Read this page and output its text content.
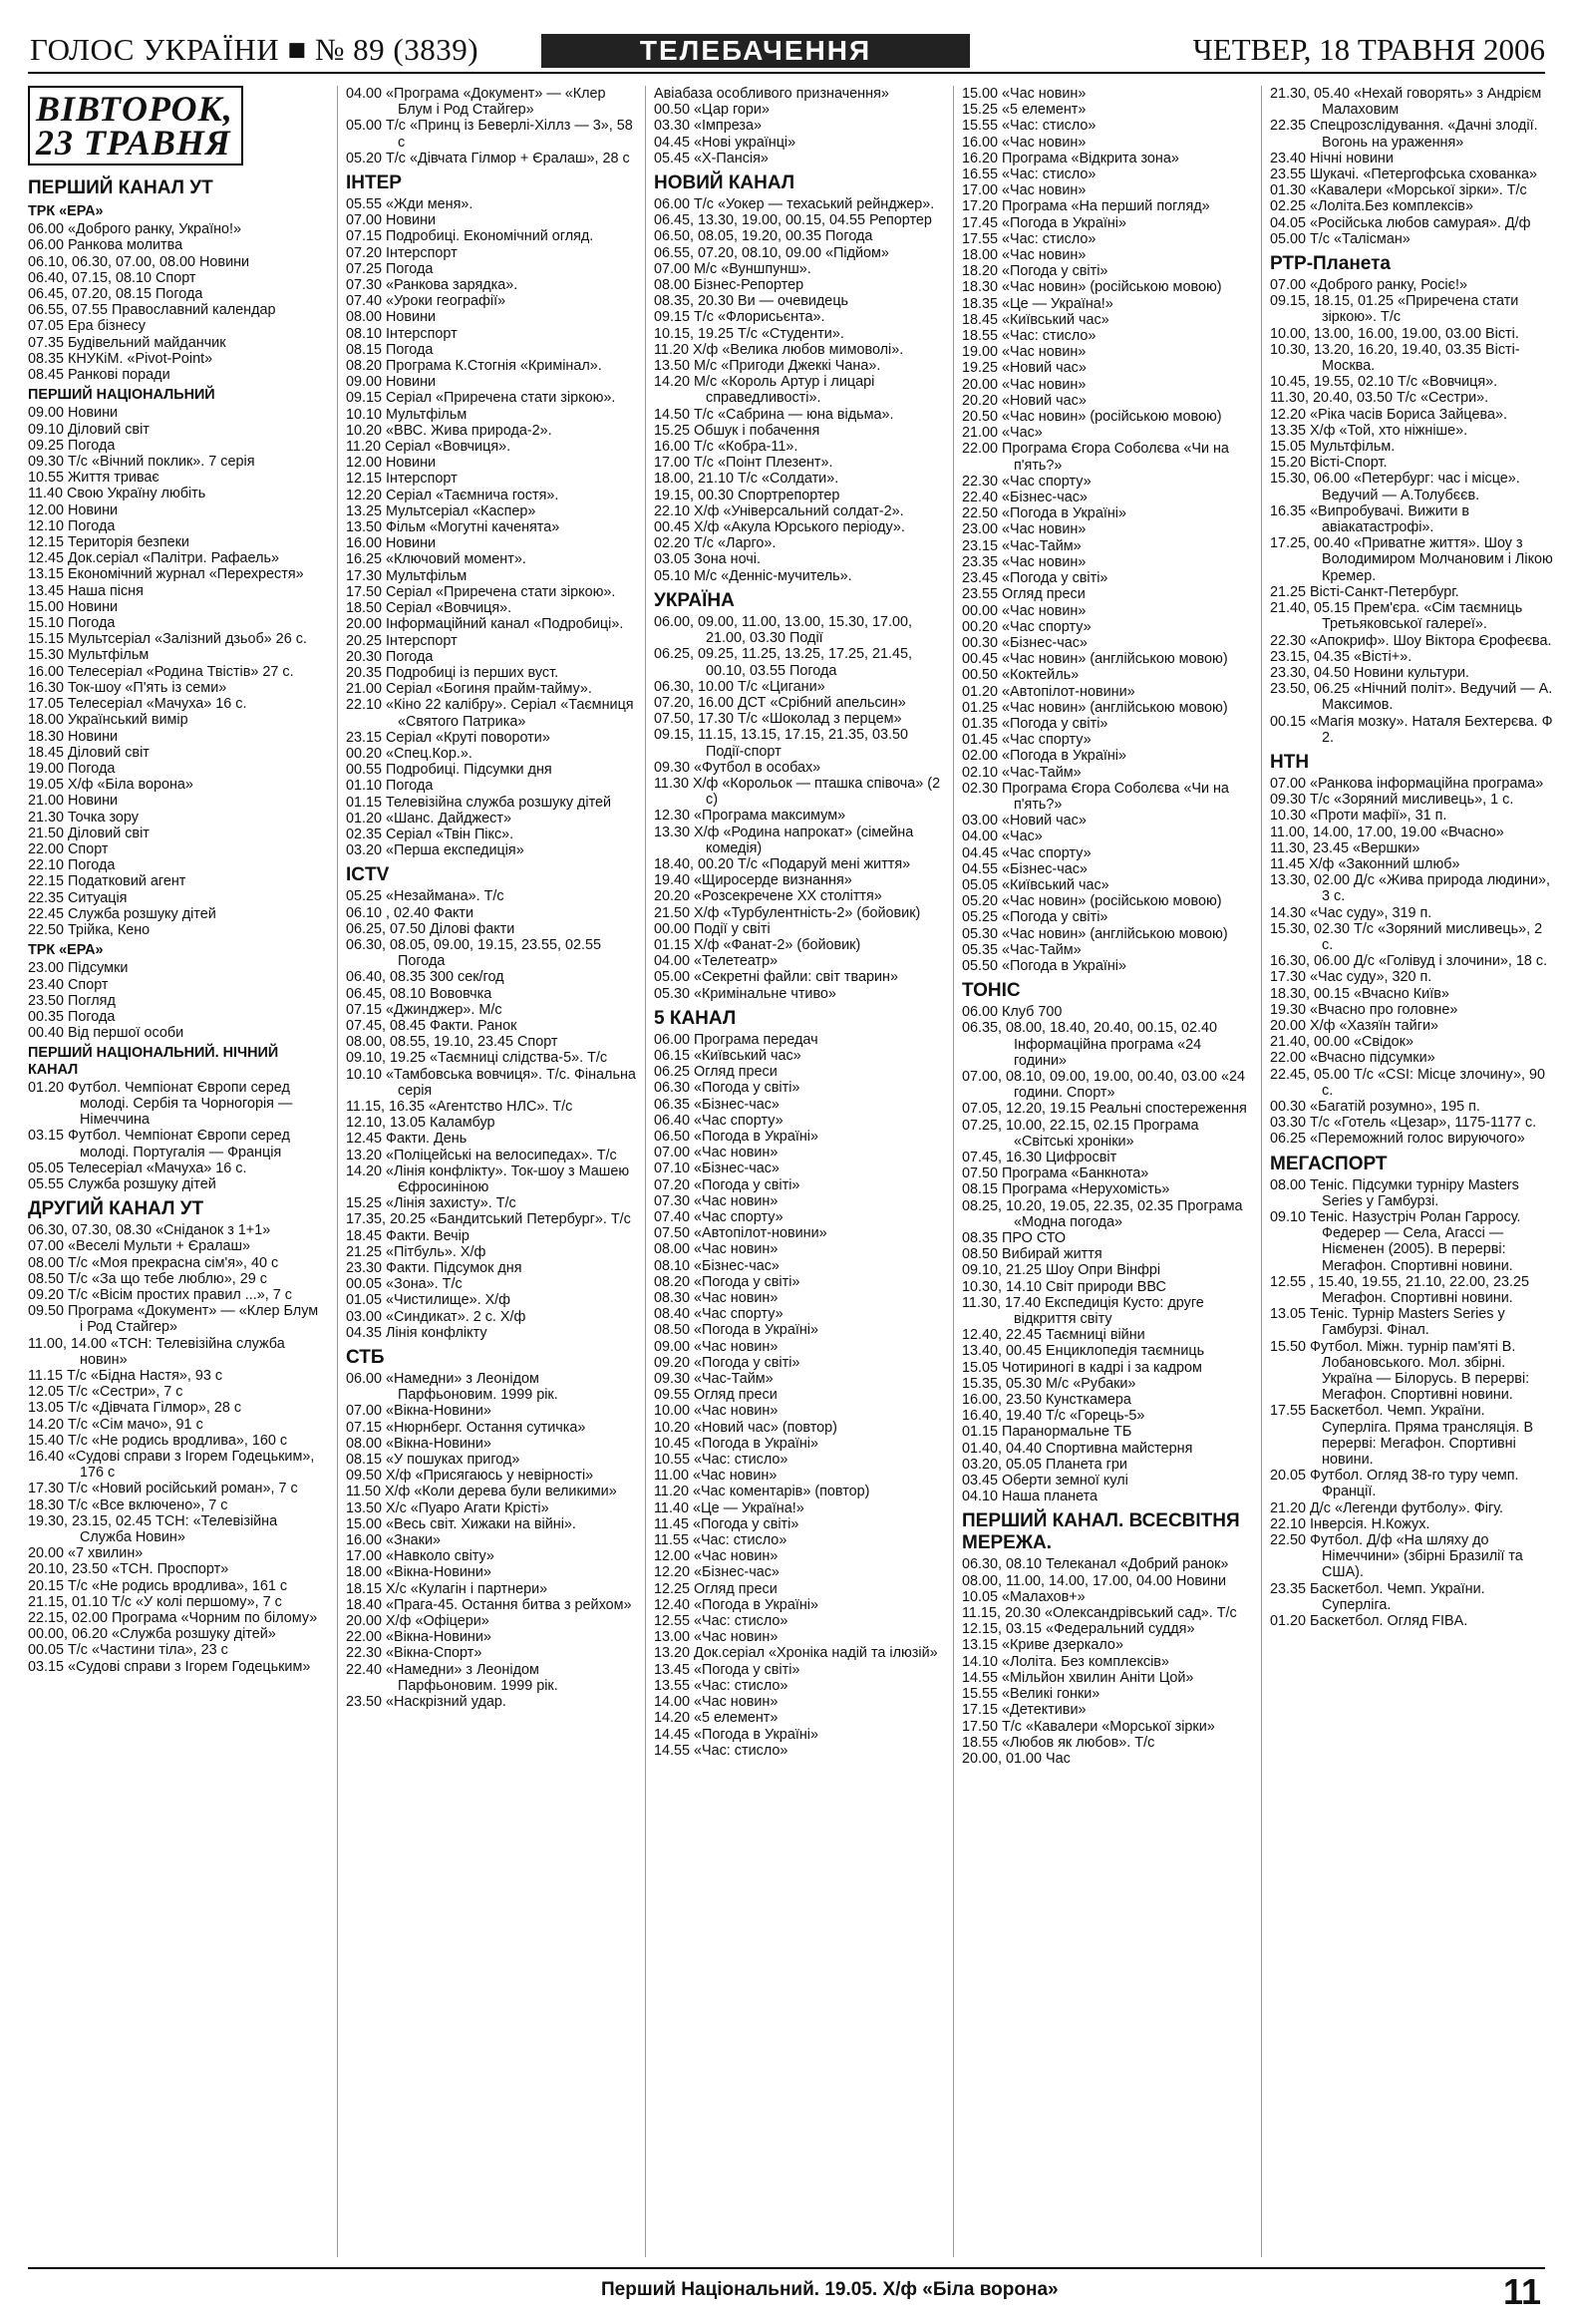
ГОЛОС УКРАЇНИ ■ № 89 (3839)	ТЕЛЕБАЧЕННЯ	ЧЕТВЕР, 18 ТРАВНЯ 2006
ВІВТОРОК,
23 ТРАВНЯ
ПЕРШИЙ КАНАЛ УТ
ТРК «ЕРА»
06.00 «Доброго ранку, Україно!»
06.00 Ранкова молитва
06.10, 06.30, 07.00, 08.00 Новини
06.40, 07.15, 08.10 Спорт
06.45, 07.20, 08.15 Погода
06.55, 07.55 Православний календар
07.05 Ера бізнесу
07.35 Будівельний майданчик
08.35 КНУКіМ. «Pivot-Point»
08.45 Ранкові поради
ПЕРШИЙ НАЦІОНАЛЬНИЙ
09.00 Новини
09.10 Діловий світ
09.25 Погода
09.30 Т/с «Вічний поклик». 7 серія
10.55 Життя триває
11.40 Свою Україну любіть
12.00 Новини
12.10 Погода
12.15 Територія безпеки
12.45 Док.серіал «Палітри. Рафаель»
13.15 Економічний журнал «Перехрестя»
13.45 Наша пісня
15.00 Новини
15.10 Погода
15.15 Мультсеріал «Залізний дзьоб» 26 с.
15.30 Мультфільм
16.00 Телесеріал «Родина Твістів» 27 с.
16.30 Ток-шоу «П'ять із семи»
17.05 Телесеріал «Мачуха» 16 с.
18.00 Український вимір
18.30 Новини
18.45 Діловий світ
19.00 Погода
19.05 Х/ф «Біла ворона»
21.00 Новини
21.30 Точка зору
21.50 Діловий світ
22.00 Спорт
22.10 Погода
22.15 Податковий агент
22.35 Ситуація
22.45 Служба розшуку дітей
22.50 Трійка, Кено
ТРК «ЕРА»
23.00 Підсумки
23.40 Спорт
23.50 Погляд
00.35 Погода
00.40 Від першої особи
ПЕРШИЙ НАЦІОНАЛЬНИЙ. НІЧНИЙ КАНАЛ
01.20 Футбол. Чемпіонат Європи серед молоді. Сербія та Чорногорія — Німеччина
03.15 Футбол. Чемпіонат Європи серед молоді. Португалія — Франція
05.05 Телесеріал «Мачуха» 16 с.
05.55 Служба розшуку дітей
ДРУГИЙ КАНАЛ УТ
06.30, 07.30, 08.30 «Сніданок з 1+1»
07.00 «Веселі Мульти + Єралаш»
08.00 Т/с «Моя прекрасна сім'я», 40 с
08.50 Т/с «За що тебе люблю», 29 с
09.20 Т/с «Вісім простих правил ...», 7 с
09.50 Програма «Документ» — «Клер Блум і Род Стайгер»
11.00, 14.00 «ТСН: Телевізійна служба новин»
11.15 Т/с «Бідна Настя», 93 с
12.05 Т/с «Сестри», 7 с
13.05 Т/с «Дівчата Гілмор», 28 с
14.20 Т/с «Сім мачо», 91 с
15.40 Т/с «Не родись вродлива», 160 с
16.40 «Судові справи з Ігорем Годецьким», 176 с
17.30 Т/с «Новий російський роман», 7 с
18.30 Т/с «Все включено», 7 с
19.30, 23.15, 02.45 ТСН: «Телевізійна Служба Новин»
20.00 «7 хвилин»
20.10, 23.50 «ТСН. Проспорт»
20.15 Т/с «Не родись вродлива», 161 с
21.15, 01.10 Т/с «У колі першому», 7 с
22.15, 02.00 Програма «Чорним по білому»
00.00, 06.20 «Служба розшуку дітей»
00.05 Т/с «Частини тіла», 23 с
03.15 «Судові справи з Ігорем Годецьким»
04.00 «Програма «Документ» — «Клер Блум і Род Стайгер»
05.00 Т/с «Принц із Беверлі-Хіллз — 3», 58 с
05.20 Т/с «Дівчата Гілмор + Єралаш», 28 с
ІНТЕР
05.55 «Жди меня».
07.00 Новини
07.15 Подробиці. Економічний огляд.
07.20 Інтерспорт
07.25 Погода
07.30 «Ранкова зарядка».
07.40 «Уроки географії»
08.00 Новини
08.10 Інтерспорт
08.15 Погода
08.20 Програма К.Стогнія «Кримінал».
09.00 Новини
09.15 Серіал «Приречена стати зіркою».
10.10 Мультфільм
10.20 «ВВС. Жива природа-2».
11.20 Серіал «Вовчиця».
12.00 Новини
12.15 Інтерспорт
12.20 Серіал «Таємнича гостя».
13.25 Мультсеріал «Каспер»
13.50 Фільм «Могутні каченята»
16.00 Новини
16.25 «Ключовий момент».
17.30 Мультфільм
17.50 Серіал «Приречена стати зіркою».
18.50 Серіал «Вовчиця».
20.00 Інформаційний канал «Подробиці».
20.25 Інтерспорт
20.30 Погода
20.35 Подробиці із перших вуст.
21.00 Серіал «Богиня прайм-тайму».
22.10 «Кіно 22 калібру». Серіал «Таємниця «Святого Патрика»
23.15 Серіал «Круті повороти»
00.20 «Спец.Кор.».
00.55 Подробиці. Підсумки дня
01.10 Погода
01.15 Телевізійна служба розшуку дітей
01.20 «Шанс. Дайджест»
02.35 Серіал «Твін Пікс».
03.20 «Перша експедиція»
ICTV
05.25 «Незаймана». Т/с
06.10 , 02.40 Факти
06.25, 07.50 Ділові факти
06.30, 08.05, 09.00, 19.15, 23.55, 02.55 Погода
06.40, 08.35 300 сек/год
06.45, 08.10 Вововчка
07.15 «Джинджер». М/с
07.45, 08.45 Факти. Ранок
08.00, 08.55, 19.10, 23.45 Спорт
09.10, 19.25 «Таємниці слідства-5». Т/с
10.10 «Тамбовська вовчиця». Т/с. Фінальна серія
11.15, 16.35 «Агентство НЛС». Т/с
12.10, 13.05 Каламбур
12.45 Факти. День
13.20 «Поліцейські на велосипедах». Т/с
14.20 «Лінія конфлікту». Ток-шоу з Машею Єфросиніною
15.25 «Лінія захисту». Т/с
17.35, 20.25 «Бандитський Петербург». Т/с
18.45 Факти. Вечір
21.25 «Пітбуль». Х/ф
23.30 Факти. Підсумок дня
00.05 «Зона». Т/с
01.05 «Чистилище». Х/ф
03.00 «Синдикат». 2 с. Х/ф
04.35 Лінія конфлікту
СТБ
06.00 «Намедни» з Леонідом Парфьоновим. 1999 рік.
07.00 «Вікна-Новини»
07.15 «Нюрнберг. Остання сутичка»
08.00 «Вікна-Новини»
08.15 «У пошуках пригод»
09.50 Х/ф «Присягаюсь у невірності»
11.50 Х/ф «Коли дерева були великими»
13.50 Х/с «Пуаро Агати Крісті»
15.00 «Весь світ. Хижаки на війні».
16.00 «Знаки»
17.00 «Навколо світу»
18.00 «Вікна-Новини»
18.15 Х/с «Кулагін і партнери»
18.40 «Прага-45. Остання битва з рейхом»
20.00 Х/ф «Офіцери»
22.00 «Вікна-Новини»
22.30 «Вікна-Спорт»
22.40 «Намедни» з Леонідом Парфьоновим. 1999 рік.
23.50 «Наскрізний удар.
Авіабаза особливого призначення»
00.50 «Цар гори»
03.30 «Імпреза»
04.45 «Нові українці»
05.45 «Х-Пансія»
НОВИЙ КАНАЛ
06.00 Т/с «Уокер — техаський рейнджер».
06.45, 13.30, 19.00, 00.15, 04.55 Репортер
06.50, 08.05, 19.20, 00.35 Погода
06.55, 07.20, 08.10, 09.00 «Підйом»
07.00 М/с «Вуншпунш».
08.00 Бізнес-Репортер
08.35, 20.30 Ви — очевидець
09.15 Т/с «Флорисьєнта».
10.15, 19.25 Т/с «Студенти».
11.20 Х/ф «Велика любов мимоволі».
13.50 М/с «Пригоди Джеккі Чана».
14.20 М/с «Король Артур і лицарі справедливості».
14.50 Т/с «Сабрина — юна відьма».
15.25 Обшук і побачення
16.00 Т/с «Кобра-11».
17.00 Т/с «Поінт Плезент».
18.00, 21.10 Т/с «Солдати».
19.15, 00.30 Спортрепортер
22.10 Х/ф «Універсальний солдат-2».
00.45 Х/ф «Акула Юрського періоду».
02.20 Т/с «Ларго».
03.05 Зона ночі.
05.10 М/с «Денніс-мучитель».
УКРАЇНА
06.00, 09.00, 11.00, 13.00, 15.30, 17.00, 21.00, 03.30 Події
06.25, 09.25, 11.25, 13.25, 17.25, 21.45, 00.10, 03.55 Погода
06.30, 10.00 Т/с «Цигани»
07.20, 16.00 ДСТ «Срібний апельсин»
07.50, 17.30 Т/с «Шоколад з перцем»
09.15, 11.15, 13.15, 17.15, 21.35, 03.50 Події-спорт
09.30 «Футбол в особах»
11.30 Х/ф «Корольок — пташка співоча» (2 с)
12.30 «Програма максимум»
13.30 Х/ф «Родина напрокат» (сімейна комедія)
18.40, 00.20 Т/с «Подаруй мені життя»
19.40 «Щиросерде визнання»
20.20 «Розсекречене XX століття»
21.50 Х/ф «Турбулентність-2» (бойовик)
00.00 Події у світі
01.15 Х/ф «Фанат-2» (бойовик)
04.00 «Телетеатр»
05.00 «Секретні файли: світ тварин»
05.30 «Кримінальне чтиво»
5 КАНАЛ
06.00 Програма передач
06.15 «Київський час»
06.25 Огляд преси
06.30 «Погода у світі»
06.35 «Бізнес-час»
06.40 «Час спорту»
06.50 «Погода в Україні»
07.00 «Час новин»
07.10 «Бізнес-час»
07.20 «Погода у світі»
07.30 «Час новин»
07.40 «Час спорту»
07.50 «Автопілот-новини»
08.00 «Час новин»
08.10 «Бізнес-час»
08.20 «Погода у світі»
08.30 «Час новин»
08.40 «Час спорту»
08.50 «Погода в Україні»
09.00 «Час новин»
09.20 «Погода у світі»
09.30 «Час-Тайм»
09.55 Огляд преси
10.00 «Час новин»
10.20 «Новий час» (повтор)
10.45 «Погода в Україні»
10.55 «Час: стисло»
11.00 «Час новин»
11.20 «Час коментарів» (повтор)
11.40 «Це — Україна!»
11.45 «Погода у світі»
11.55 «Час: стисло»
12.00 «Час новин»
12.20 «Бізнес-час»
12.25 Огляд преси
12.40 «Погода в Україні»
12.55 «Час: стисло»
13.00 «Час новин»
13.20 Док.серіал «Хроніка надій та ілюзій»
13.45 «Погода у світі»
13.55 «Час: стисло»
14.00 «Час новин»
14.20 «5 елемент»
14.45 «Погода в Україні»
14.55 «Час: стисло»
15.00 «Час новин»
15.25 «5 елемент»
15.55 «Час: стисло»
16.00 «Час новин»
16.20 Програма «Відкрита зона»
16.55 «Час: стисло»
17.00 «Час новин»
17.20 Програма «На перший погляд»
17.45 «Погода в Україні»
17.55 «Час: стисло»
18.00 «Час новин»
18.20 «Погода у світі»
18.30 «Час новин» (російською мовою)
18.35 «Це — Україна!»
18.45 «Київський час»
18.55 «Час: стисло»
19.00 «Час новин»
19.25 «Новий час»
20.00 «Час новин»
20.20 «Новий час»
20.50 «Час новин» (російською мовою)
21.00 «Час»
22.00 Програма Єгора Соболєва «Чи на п'ять?»
22.30 «Час спорту»
22.40 «Бізнес-час»
22.50 «Погода в Україні»
23.00 «Час новин»
23.15 «Час-Тайм»
23.35 «Час новин»
23.45 «Погода у світі»
23.55 Огляд преси
00.00 «Час новин»
00.20 «Час спорту»
00.30 «Бізнес-час»
00.45 «Час новин» (англійською мовою)
00.50 «Коктейль»
01.20 «Автопілот-новини»
01.25 «Час новин» (англійською мовою)
01.35 «Погода у світі»
01.45 «Час спорту»
02.00 «Погода в Україні»
02.10 «Час-Тайм»
02.30 Програма Єгора Соболєва «Чи на п'ять?»
03.00 «Новий час»
04.00 «Час»
04.45 «Час спорту»
04.55 «Бізнес-час»
05.05 «Київський час»
05.20 «Час новин» (російською мовою)
05.25 «Погода у світі»
05.30 «Час новин» (англійською мовою)
05.35 «Час-Тайм»
05.50 «Погода в Україні»
ТОНІС
06.00 Клуб 700
06.35, 08.00, 18.40, 20.40, 00.15, 02.40 Інформаційна програма «24 години»
07.00, 08.10, 09.00, 19.00, 00.40, 03.00 «24 години. Спорт»
07.05, 12.20, 19.15 Реальні спостереження
07.25, 10.00, 22.15, 02.15 Програма «Світські хроніки»
07.45, 16.30 Цифросвіт
07.50 Програма «Банкнота»
08.15 Програма «Нерухомість»
08.25, 10.20, 19.05, 22.35, 02.35 Програма «Модна погода»
08.35 ПРО СТО
08.50 Вибирай життя
09.10, 21.25 Шоу Опри Вінфрі
10.30, 14.10 Світ природи ВВС
11.30, 17.40 Експедиція Кусто: друге відкриття світу
12.40, 22.45 Таємниці війни
13.40, 00.45 Енциклопедія таємниць
15.05 Чотириногі в кадрі і за кадром
15.35, 05.30 М/с «Рубаки»
16.00, 23.50 Кунсткамера
16.40, 19.40 Т/с «Горець-5»
01.15 Паранормальне ТБ
01.40, 04.40 Спортивна майстерня
03.20, 05.05 Планета гри
03.45 Оберти земної кулі
04.10 Наша планета
ПЕРШИЙ КАНАЛ. ВСЕСВІТНЯ МЕРЕЖА.
06.30, 08.10 Телеканал «Добрий ранок»
08.00, 11.00, 14.00, 17.00, 04.00 Новини
10.05 «Малахов+»
11.15, 20.30 «Олександрівський сад». Т/с
12.15, 03.15 «Федеральний суддя»
13.15 «Криве дзеркало»
14.10 «Лоліта. Без комплексів»
14.55 «Мільйон хвилин Аніти Цой»
15.55 «Великі гонки»
17.15 «Детективи»
17.50 Т/с «Кавалери «Морської зірки»
18.55 «Любов як любов». Т/с
20.00, 01.00 Час
21.30, 05.40 «Нехай говорять» з Андрієм Малаховим
22.35 Спецрозслідування. «Дачні злодії. Вогонь на ураження»
23.40 Нічні новини
23.55 Шукачі. «Петергофська схованка»
01.30 «Кавалери «Морської зірки». Т/с
02.25 «Лоліта.Без комплексів»
04.05 «Російська любов самурая». Д/ф
05.00 Т/с «Талісман»
РТР-Планета
07.00 «Доброго ранку, Росіє!»
09.15, 18.15, 01.25 «Приречена стати зіркою». Т/с
10.00, 13.00, 16.00, 19.00, 03.00 Вісті.
10.30, 13.20, 16.20, 19.40, 03.35 Вісті-Москва.
10.45, 19.55, 02.10 Т/с «Вовчиця».
11.30, 20.40, 03.50 Т/с «Сестри».
12.20 «Ріка часів Бориса Зайцева».
13.35 Х/ф «Той, хто ніжніше».
15.05 Мультфільм.
15.20 Вісті-Спорт.
15.30, 06.00 «Петербург: час і місце». Ведучий — А.Толубєєв.
16.35 «Випробувачі. Вижити в авіакатастрофі».
17.25, 00.40 «Приватне життя». Шоу з Володимиром Молчановим і Лікою Кремер.
21.25 Вісті-Санкт-Петербург.
21.40, 05.15 Прем'єра. «Сім таємниць Третьяковської галереї».
22.30 «Апокриф». Шоу Віктора Єрофеєва.
23.15, 04.35 «Вісті+».
23.30, 04.50 Новини культури.
23.50, 06.25 «Нічний політ». Ведучий — А. Максимов.
00.15 «Магія мозку». Наталя Бехтерєва. Ф 2.
НТН
07.00 «Ранкова інформаційна програма»
09.30 Т/с «Зоряний мисливець», 1 с.
10.30 «Проти мафії», 31 п.
11.00, 14.00, 17.00, 19.00 «Вчасно»
11.30, 23.45 «Вершки»
11.45 Х/ф «Законний шлюб»
13.30, 02.00 Д/с «Жива природа людини», 3 с.
14.30 «Час суду», 319 п.
15.30, 02.30 Т/с «Зоряний мисливець», 2 с.
16.30, 06.00 Д/с «Голівуд і злочини», 18 с.
17.30 «Час суду», 320 п.
18.30, 00.15 «Вчасно Київ»
19.30 «Вчасно про головне»
20.00 Х/ф «Хазяїн тайги»
21.40, 00.00 «Свідок»
22.00 «Вчасно підсумки»
22.45, 05.00 Т/с «CSI: Місце злочину», 90 с.
00.30 «Багатій розумно», 195 п.
03.30 Т/с «Готель «Цезар», 1175-1177 с.
06.25 «Переможний голос вируючого»
МЕГАСПОРТ
08.00 Теніс. Підсумки турніру Masters Series у Гамбурзі.
09.10 Теніс. Назустріч Ролан Гарросу. Федерер — Села, Агассі — Нієменен (2005). В перерві: Мегафон. Спортивні новини.
12.55 , 15.40, 19.55, 21.10, 22.00, 23.25 Мегафон. Спортивні новини.
13.05 Теніс. Турнір Masters Series у Гамбурзі. Фінал.
15.50 Футбол. Міжн. турнір пам'яті В. Лобановського. Мол. збірні. Україна — Білорусь. В перерві: Мегафон. Спортивні новини.
17.55 Баскетбол. Чемп. України. Суперліга. Пряма трансляція. В перерві: Мегафон. Спортивні новини.
20.05 Футбол. Огляд 38-го туру чемп. Франції.
21.20 Д/с «Легенди футболу». Фігу.
22.10 Інверсія. Н.Кожух.
22.50 Футбол. Д/ф «На шляху до Німеччини» (збірні Бразилії та США).
23.35 Баскетбол. Чемп. України. Суперліга.
01.20 Баскетбол. Огляд FIBA.
Перший Національний. 19.05. Х/ф «Біла ворона»	11
